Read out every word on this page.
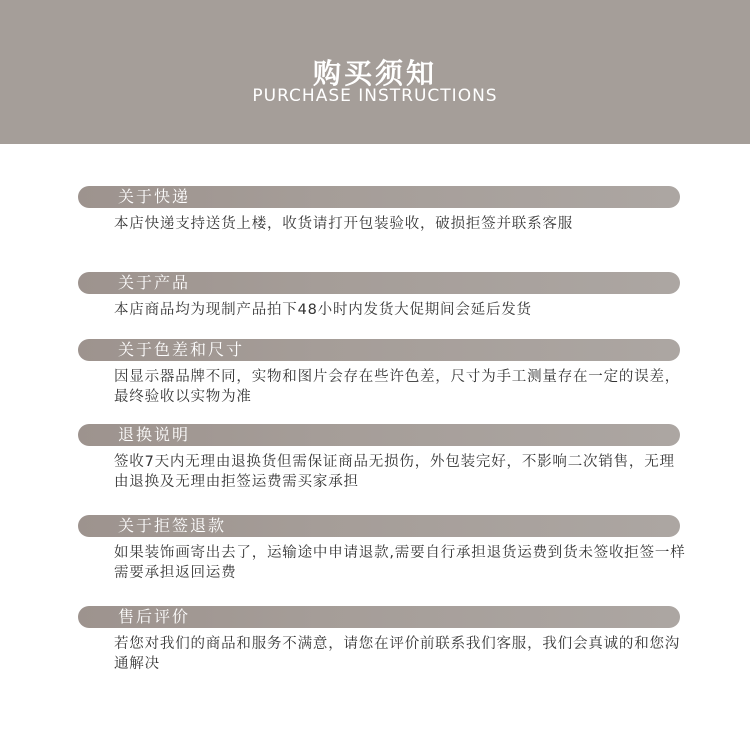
购买须知
PURCHASE INSTRUCTIONS
关于快递
本店快递支持送货上楼，收货请打开包装验收，破损拒签并联系客服
关于产品
本店商品均为现制产品拍下48小时内发货大促期间会延后发货
关于色差和尺寸
因显示器品牌不同，实物和图片会存在些许色差，尺寸为手工测量存在一定的误差，最终验收以实物为准
退换说明
签收7天内无理由退换货但需保证商品无损伤，外包装完好，不影响二次销售，无理由退换及无理由拒签运费需买家承担
关于拒签退款
如果装饰画寄出去了，运输途中申请退款,需要自行承担退货运费到货未签收拒签一样需要承担返回运费
售后评价
若您对我们的商品和服务不满意，请您在评价前联系我们客服，我们会真诚的和您沟通解决
